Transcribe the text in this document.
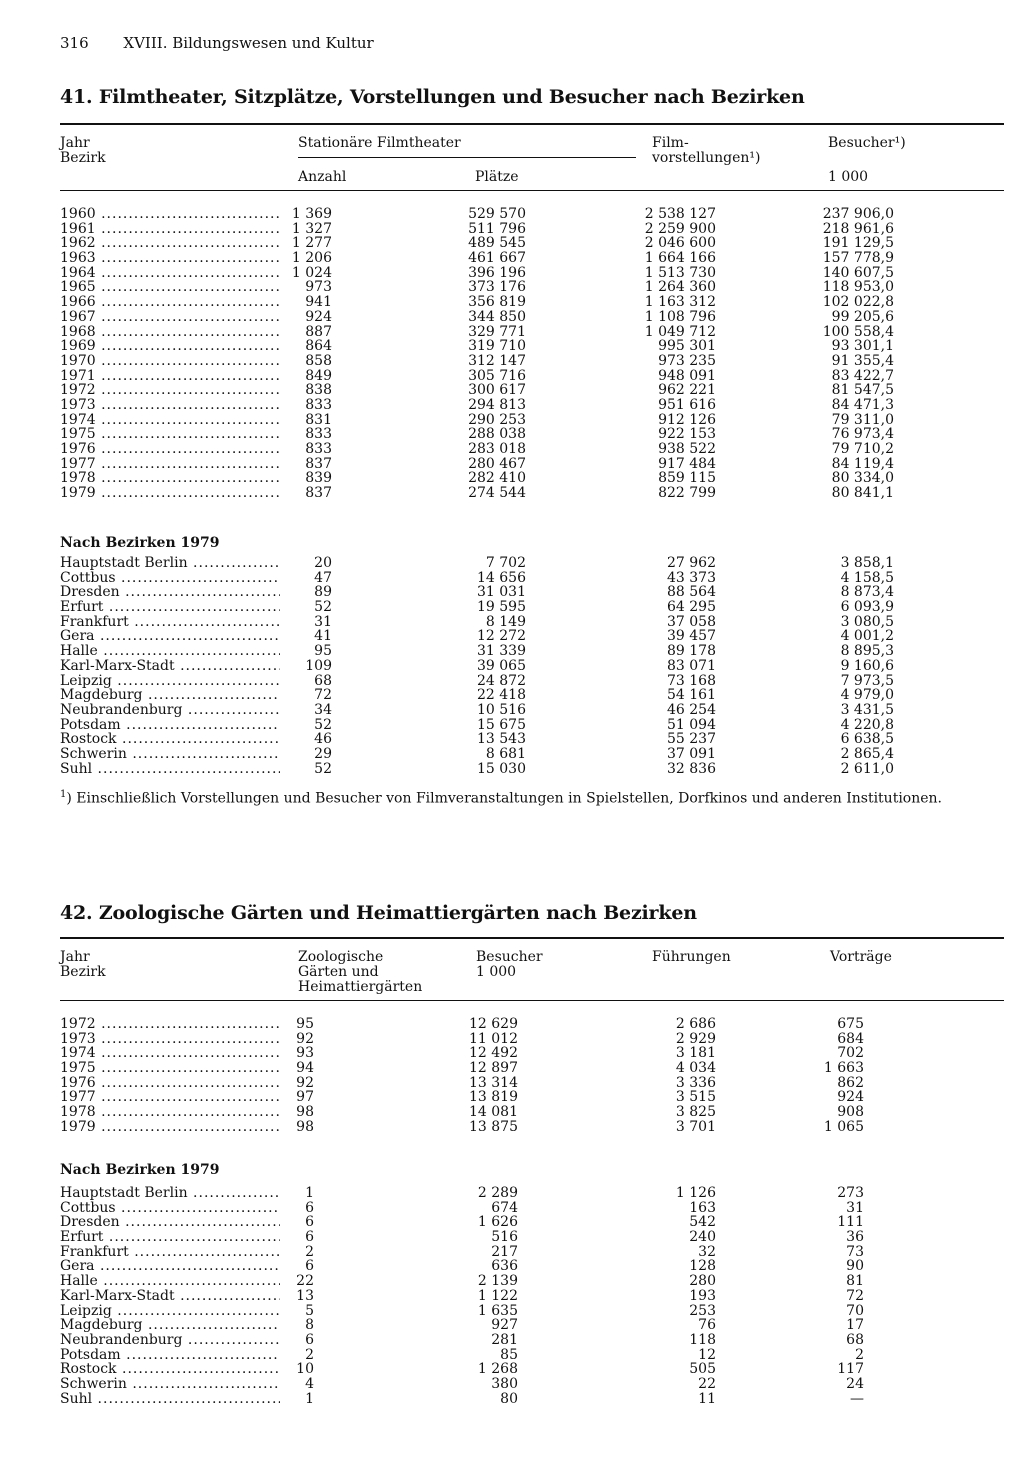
316 XVIII. Bildungswesen und Kultur
41. Filmtheater, Sitzplätze, Vorstellungen und Besucher nach Bezirken
Jahr
Bezirk
Stationäre Filmtheater
Anzahl	Plätze
Film-
vorstellungen¹)
Besucher¹)
1 000
1960 .....	1 369	529 570	2 538 127	237 906,0
1961 .....	1 327	511 796	2 259 900	218 961,6
1962 .....	1 277	489 545	2 046 600	191 129,5
1963 .....	1 206	461 667	1 664 166	157 778,9
1964 .....	1 024	396 196	1 513 730	140 607,5
1965 .....	973	373 176	1 264 360	118 953,0
1966 .....	941	356 819	1 163 312	102 022,8
1967 .....	924	344 850	1 108 796	99 205,6
1968 .....	887	329 771	1 049 712	100 558,4
1969 .....	864	319 710	995 301	93 301,1
1970 .....	858	312 147	973 235	91 355,4
1971 .....	849	305 716	948 091	83 422,7
1972 .....	838	300 617	962 221	81 547,5
1973 .....	833	294 813	951 616	84 471,3
1974 .....	831	290 253	912 126	79 311,0
1975 .....	833	288 038	922 153	76 973,4
1976 .....	833	283 018	938 522	79 710,2
1977 .....	837	280 467	917 484	84 119,4
1978 .....	839	282 410	859 115	80 334,0
1979 .....	837	274 544	822 799	80 841,1
Nach Bezirken 1979
Hauptstadt Berlin .....	20	7 702	27 962	3 858,1
Cottbus .....	47	14 656	43 373	4 158,5
Dresden .....	89	31 031	88 564	8 873,4
Erfurt .....	52	19 595	64 295	6 093,9
Frankfurt .....	31	8 149	37 058	3 080,5
Gera .....	41	12 272	39 457	4 001,2
Halle .....	95	31 339	89 178	8 895,3
Karl-Marx-Stadt .....	109	39 065	83 071	9 160,6
Leipzig .....	68	24 872	73 168	7 973,5
Magdeburg .....	72	22 418	54 161	4 979,0
Neubrandenburg .....	34	10 516	46 254	3 431,5
Potsdam .....	52	15 675	51 094	4 220,8
Rostock .....	46	13 543	55 237	6 638,5
Schwerin .....	29	8 681	37 091	2 865,4
Suhl .....	52	15 030	32 836	2 611,0
$^1$) Einschließlich Vorstellungen und Besucher von Filmveranstaltungen in Spielstellen, Dorfkinos und anderen Institutionen.
42. Zoologische Gärten und Heimattiergärten nach Bezirken
Jahr
Bezirk
Zoologische
Gärten und
Heimattiergärten
Besucher
1 000
Führungen	Vorträge
1972 .....	95	12 629	2 686	675
1973 .....	92	11 012	2 929	684
1974 .....	93	12 492	3 181	702
1975 .....	94	12 897	4 034	1 663
1976 .....	92	13 314	3 336	862
1977 .....	97	13 819	3 515	924
1978 .....	98	14 081	3 825	908
1979 .....	98	13 875	3 701	1 065
Nach Bezirken 1979
Hauptstadt Berlin .....	1	2 289	1 126	273
Cottbus .....	6	674	163	31
Dresden .....	6	1 626	542	111
Erfurt .....	6	516	240	36
Frankfurt .....	2	217	32	73
Gera .....	6	636	128	90
Halle .....	22	2 139	280	81
Karl-Marx-Stadt .....	13	1 122	193	72
Leipzig .....	5	1 635	253	70
Magdeburg .....	8	927	76	17
Neubrandenburg .....	6	281	118	68
Potsdam .....	2	85	12	2
Rostock .....	10	1 268	505	117
Schwerin .....	4	380	22	24
Suhl .....	1	80	11	—
